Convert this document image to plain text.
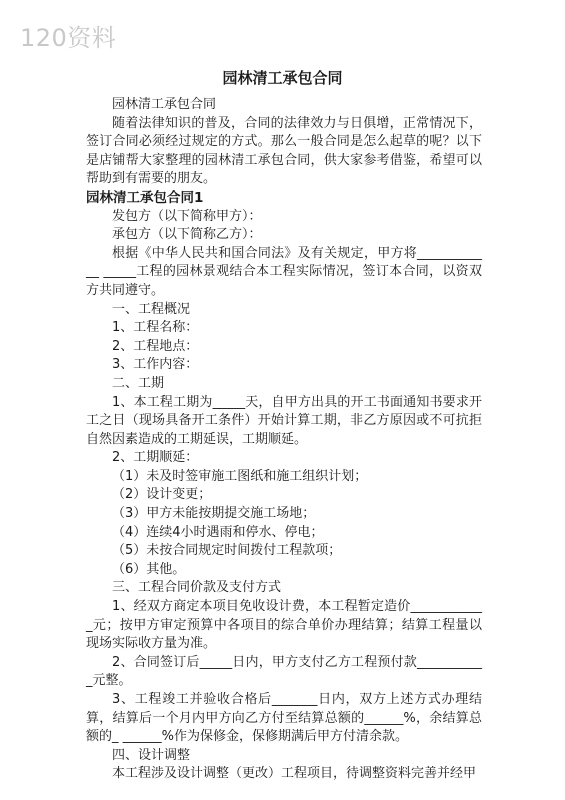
120资料
园林清工承包合同

园林清工承包合同

随着法律知识的普及，合同的法律效力与日俱增，正常情况下，签订合同必须经过规定的方式。那么一般合同是怎么起草的呢？以下是店铺帮大家整理的园林清工承包合同，供大家参考借鉴，希望可以帮助到有需要的朋友。

园林清工承包合同1

发包方（以下简称甲方）：

承包方（以下简称乙方）：

根据《中华人民共和国合同法》及有关规定，甲方将____________ _____工程的园林景观结合本工程实际情况，签订本合同，以资双方共同遵守。

一、工程概况

1、工程名称：

2、工程地点：

3、工作内容：

二、工期

1、本工程工期为_____天，自甲方出具的开工书面通知书要求开工之日（现场具备开工条件）开始计算工期，非乙方原因或不可抗拒自然因素造成的工期延误，工期顺延。

2、工期顺延：

（1）未及时签审施工图纸和施工组织计划；

（2）设计变更；

（3）甲方未能按期提交施工场地；

（4）连续4小时遇雨和停水、停电；

（5）未按合同规定时间拨付工程款项；

（6）其他。

三、工程合同价款及支付方式

1、经双方商定本项目免收设计费，本工程暂定造价____________元；按甲方审定预算中各项目的综合单价办理结算；结算工程量以现场实际收方量为准。

2、合同签订后_____日内，甲方支付乙方工程预付款___________元整。

3、工程竣工并验收合格后_______日内，双方上述方式办理结算，结算后一个月内甲方向乙方付至结算总额的______%，余结算总额的_ ______%作为保修金，保修期满后甲方付清余款。

四、设计调整

本工程涉及设计调整（更改）工程项目，待调整资料完善并经甲
